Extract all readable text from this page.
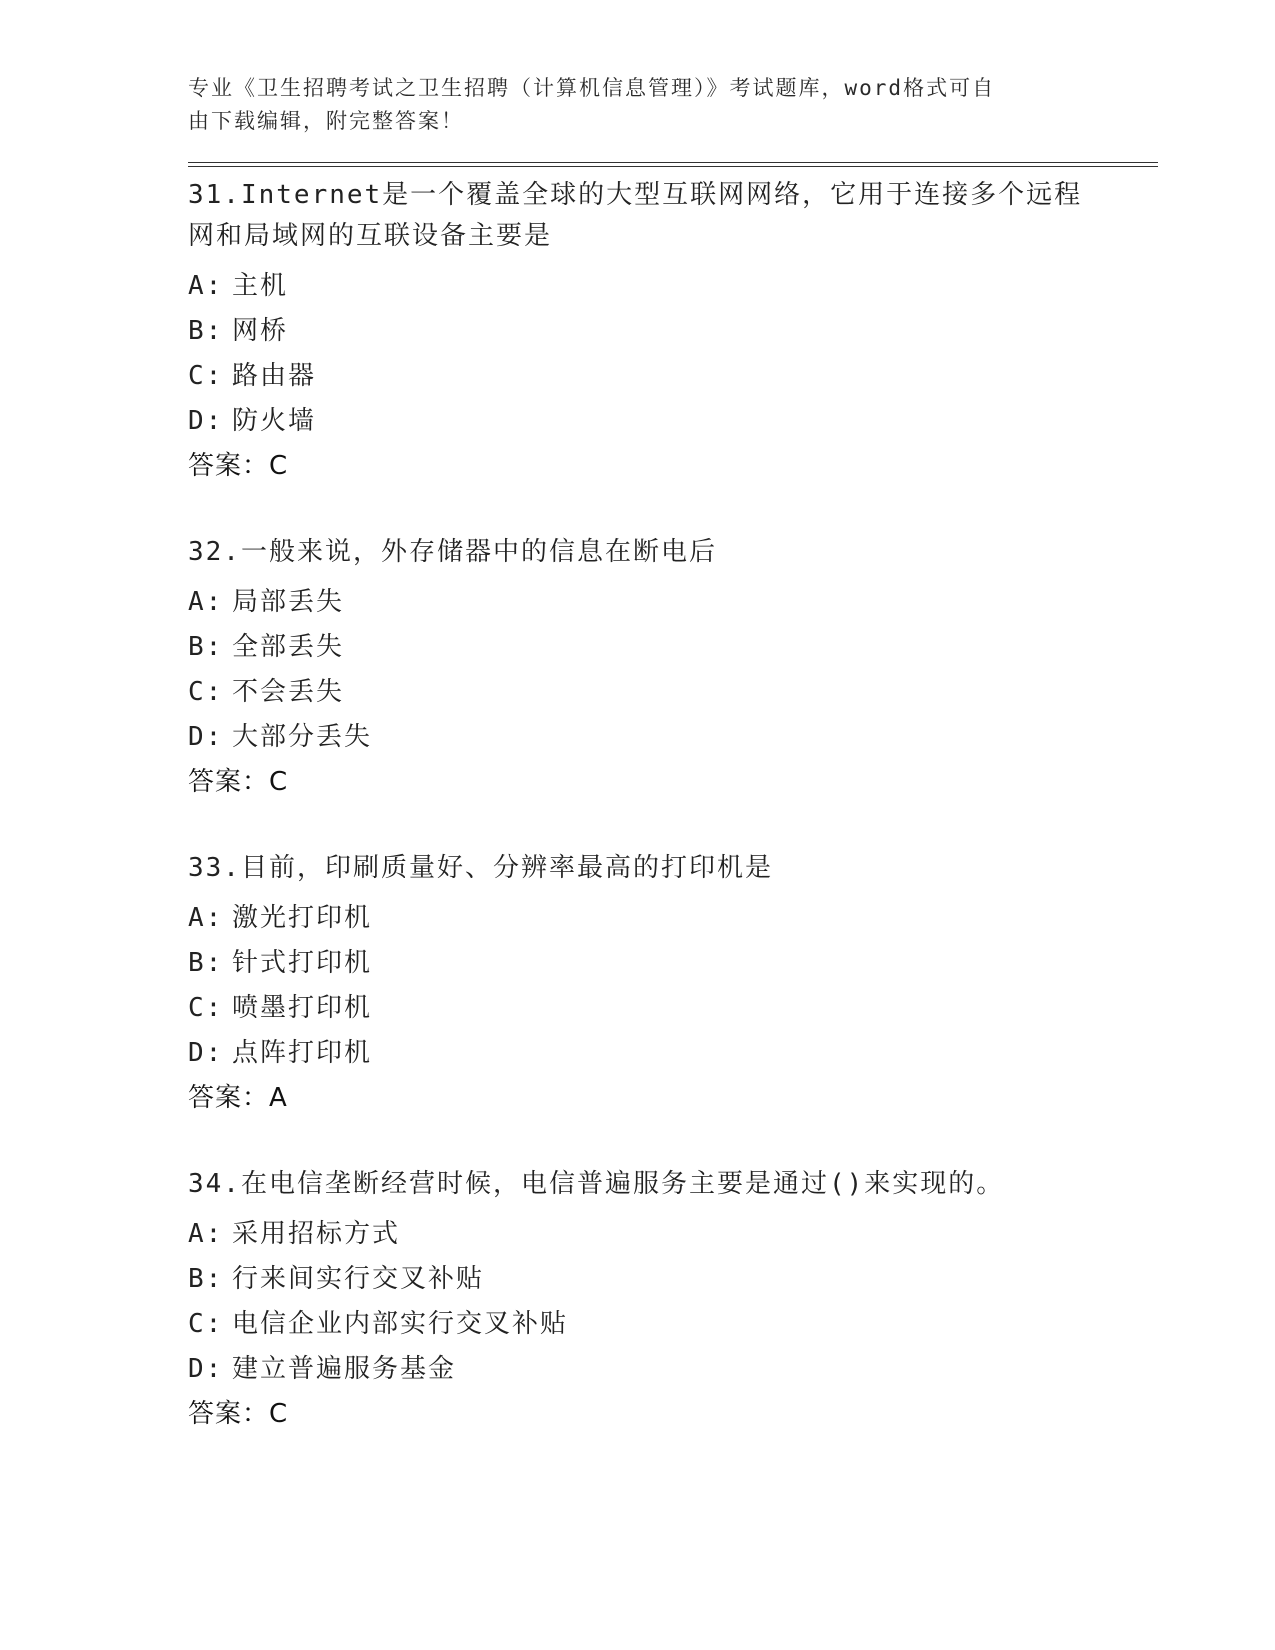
专业《卫生招聘考试之卫生招聘（计算机信息管理）》考试题库，word格式可自
由下载编辑，附完整答案！
31.Internet是一个覆盖全球的大型互联网网络，它用于连接多个远程网和局域网的互联设备主要是
A: 主机
B: 网桥
C: 路由器
D: 防火墙
答案：C
32.一般来说，外存储器中的信息在断电后
A: 局部丢失
B: 全部丢失
C: 不会丢失
D: 大部分丢失
答案：C
33.目前，印刷质量好、分辨率最高的打印机是
A: 激光打印机
B: 针式打印机
C: 喷墨打印机
D: 点阵打印机
答案：A
34.在电信垄断经营时候，电信普遍服务主要是通过()来实现的。
A: 采用招标方式
B: 行来间实行交叉补贴
C: 电信企业内部实行交叉补贴
D: 建立普遍服务基金
答案：C
